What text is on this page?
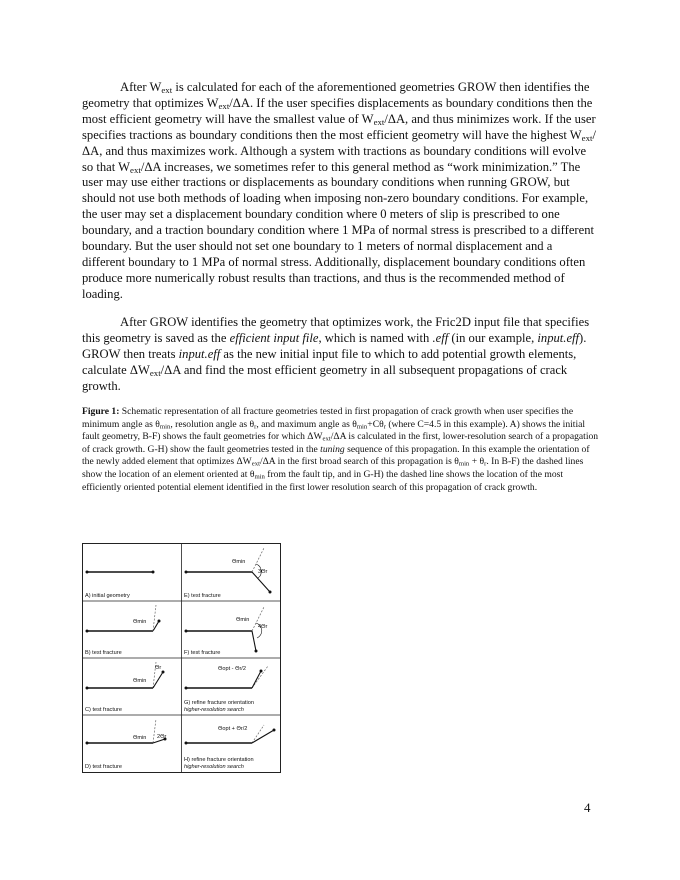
After $W_{ext}$ is calculated for each of the aforementioned geometries GROW then identifies the geometry that optimizes $W_{ext}/\Delta A$. If the user specifies displacements as boundary conditions then the most efficient geometry will have the smallest value of $W_{ext}/\Delta A$, and thus minimizes work. If the user specifies tractions as boundary conditions then the most efficient geometry will have the highest $W_{ext}/\Delta A$, and thus maximizes work. Although a system with tractions as boundary conditions will evolve so that $W_{ext}/\Delta A$ increases, we sometimes refer to this general method as “work minimization.” The user may use either tractions or displacements as boundary conditions when running GROW, but should not use both methods of loading when imposing non-zero boundary conditions. For example, the user may set a displacement boundary condition where 0 meters of slip is prescribed to one boundary, and a traction boundary condition where 1 MPa of normal stress is prescribed to a different boundary. But the user should not set one boundary to 1 meters of normal displacement and a different boundary to 1 MPa of normal stress. Additionally, displacement boundary conditions often produce more numerically robust results than tractions, and thus is the recommended method of loading.

After GROW identifies the geometry that optimizes work, the Fric2D input file that specifies this geometry is saved as the efficient input file, which is named with .eff (in our example, input.eff). GROW then treats input.eff as the new initial input file to which to add potential growth elements, calculate $\Delta W_{ext}/\Delta A$ and find the most efficient geometry in all subsequent propagations of crack growth.

Figure 1: Schematic representation of all fracture geometries tested in first propagation of crack growth when user specifies the minimum angle as $\theta_{min}$, resolution angle as $\theta_r$, and maximum angle as $\theta_{min}+C\theta_r$ (where C=4.5 in this example). A) shows the initial fault geometry, B-F) shows the fault geometries for which $\Delta W_{ext}/\Delta A$ is calculated in the first, lower-resolution search of a propagation of crack growth. G-H) show the fault geometries tested in the tuning sequence of this propagation. In this example the orientation of the newly added element that optimizes $\Delta W_{ext}/\Delta A$ in the first broad search of this propagation is $\theta_{min} + \theta_r$. In B-F) the dashed lines show the location of an element oriented at $\theta_{min}$ from the fault tip, and in G-H) the dashed line shows the location of the most efficiently oriented potential element identified in the first lower resolution search of this propagation of crack growth.

A) initial geometry
Θmin
3Θr
E) test fracture
Θmin
B) test fracture
Θmin
4Θr
F) test fracture
Θr
Θmin
C) test fracture
Θopt - Θr/2
G) refine fracture orientation
higher-resolution search
Θmin 2Θr
D) test fracture
Θopt + Θr/2
H) refine fracture orientation
higher-resolution search
4
